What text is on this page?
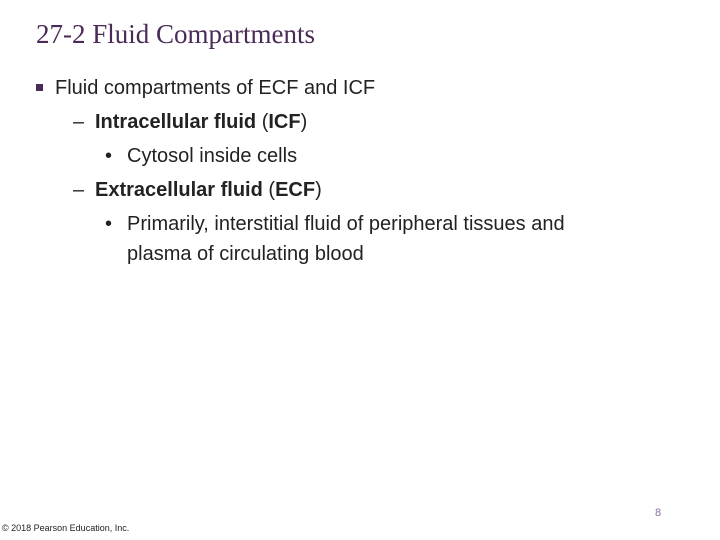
27-2 Fluid Compartments
Fluid compartments of ECF and ICF
– Intracellular fluid (ICF)
• Cytosol inside cells
– Extracellular fluid (ECF)
• Primarily, interstitial fluid of peripheral tissues and
plasma of circulating blood
8
© 2018 Pearson Education, Inc.
